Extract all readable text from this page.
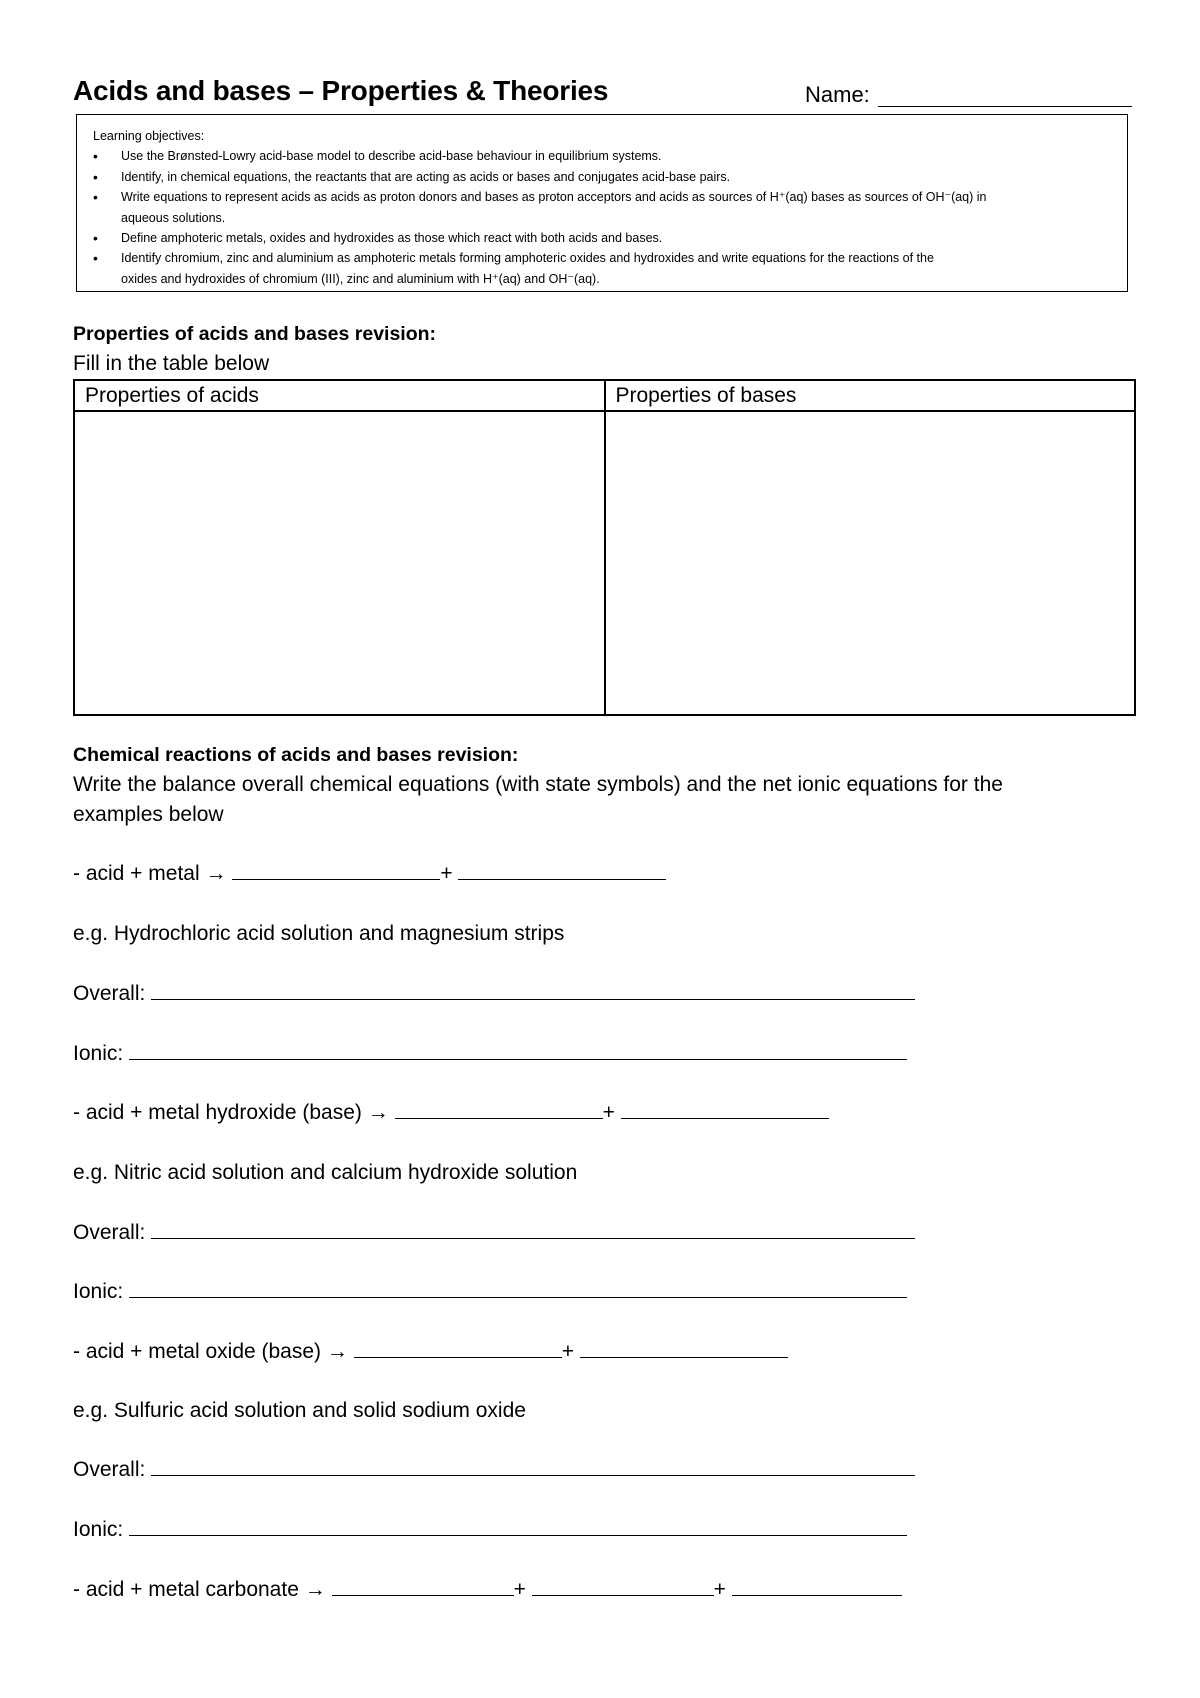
Acids and bases – Properties & Theories	Name:
Learning objectives:
• Use the Brønsted-Lowry acid-base model to describe acid-base behaviour in equilibrium systems.
• Identify, in chemical equations, the reactants that are acting as acids or bases and conjugates acid-base pairs.
• Write equations to represent acids as acids as proton donors and bases as proton acceptors and acids as sources of H⁺(aq) bases as sources of OH⁻(aq) in
aqueous solutions.
• Define amphoteric metals, oxides and hydroxides as those which react with both acids and bases.
• Identify chromium, zinc and aluminium as amphoteric metals forming amphoteric oxides and hydroxides and write equations for the reactions of the
oxides and hydroxides of chromium (III), zinc and aluminium with H⁺(aq) and OH⁻(aq).
Properties of acids and bases revision:
Fill in the table below
Properties of acids	Properties of bases

Chemical reactions of acids and bases revision:
Write the balance overall chemical equations (with state symbols) and the net ionic equations for the
examples below
- acid + metal →	+
e.g. Hydrochloric acid solution and magnesium strips
Overall:
Ionic:
- acid + metal hydroxide (base) →	+
e.g. Nitric acid solution and calcium hydroxide solution
Overall:
Ionic:
- acid + metal oxide (base) →	+
e.g. Sulfuric acid solution and solid sodium oxide
Overall:
Ionic:
- acid + metal carbonate →	+	+
